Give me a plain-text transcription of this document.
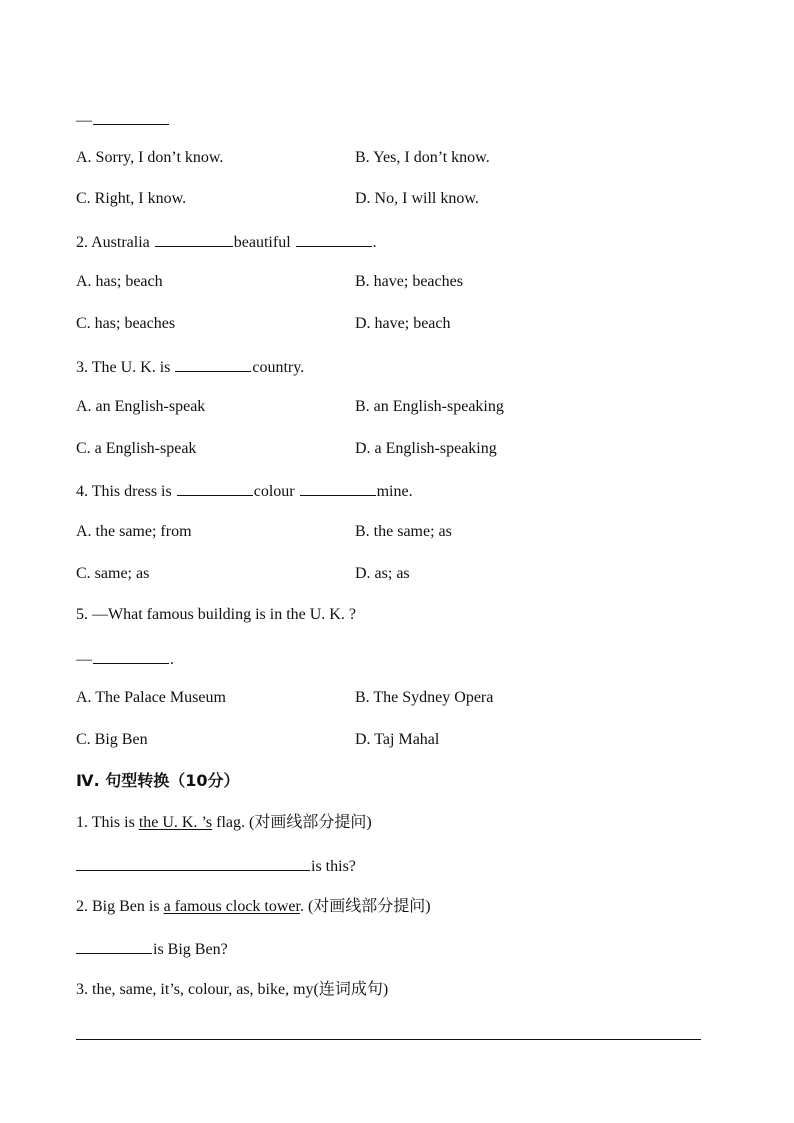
—
A. Sorry, I don’t know.	B. Yes, I don’t know.
C. Right, I know.	D. No, I will know.
2. Australia	beautiful	.
A. has; beach	B. have; beaches
C. has; beaches	D. have; beach
3. The U. K. is	country.
A. an English-speak	B. an English-speaking
C. a English-speak	D. a English-speaking
4. This dress is	colour	mine.
A. the same; from	B. the same; as
C. same; as	D. as; as
5. —What famous building is in the U. K. ?
—	.
A. The Palace Museum	B. The Sydney Opera
C. Big Ben	D. Taj Mahal
Ⅳ. 句型转换（10分）
1. This is the U. K. ’s flag. (对画线部分提问)
is this?
2. Big Ben is a famous clock tower. (对画线部分提问)
is Big Ben?
3. the, same, it’s, colour, as, bike, my(连词成句)
